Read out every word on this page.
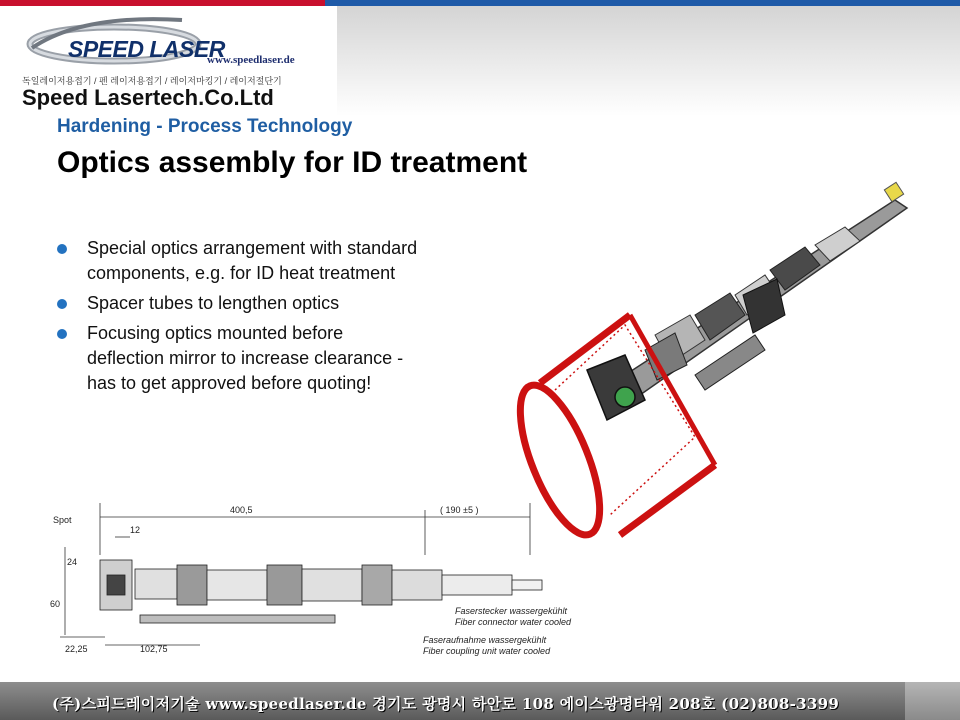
SPEED LASER
www.speedlaser.de
독일레이저용접기 / 펜 레이저용접기 / 레이저마킹기 / 레이저절단기
Speed Lasertech.Co.Ltd
Hardening - Process Technology
Optics assembly for ID treatment
Special optics arrangement with standard
components, e.g. for ID heat treatment
Spacer tubes to lengthen optics
Focusing optics mounted before
deflection mirror to increase clearance -
has to get approved before quoting!
Spot
400,5	( 190 ±5 )
12
24
60
22,25	102,75
Faserstecker wassergekühlt
Fiber connector water cooled
Faseraufnahme wassergekühlt
Fiber coupling unit water cooled
(주)스피드레이저기술 www.speedlaser.de 경기도 광명시 하안로 108 에이스광명타워 208호 (02)808-3399
